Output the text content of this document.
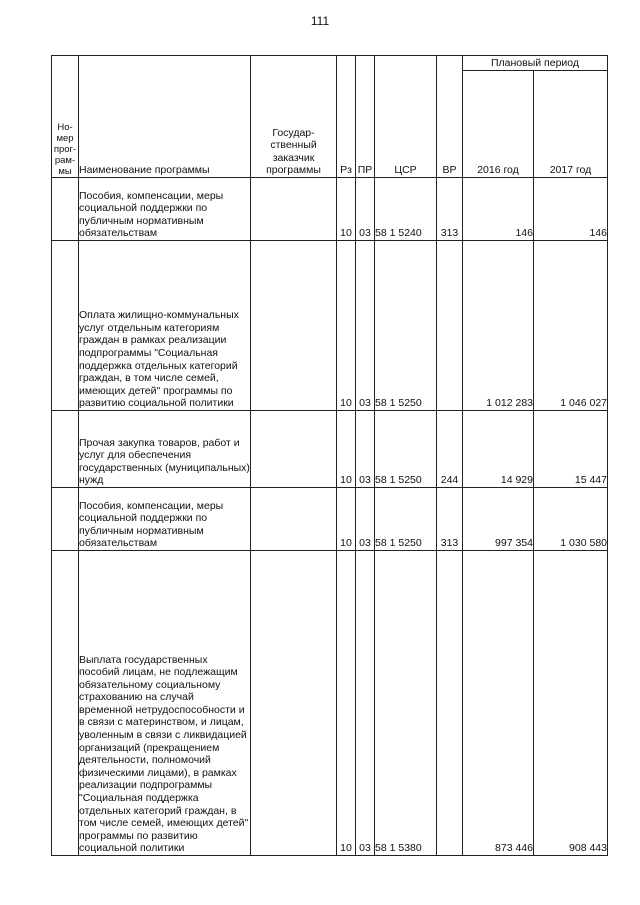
111
Но-мер прог-рам-мы	Наименование программы	Государ-ственный заказчик программы	Рз	ПР	ЦСР	ВР	Плановый период	
							2016 год	2017 год
	Пособия, компенсации, меры социальной поддержки по публичным нормативным обязательствам		10	03	58 1 5240	313	146	146
	Оплата жилищно-коммунальных услуг отдельным категориям граждан в рамках реализации подпрограммы "Социальная поддержка отдельных категорий граждан, в том числе семей, имеющих детей" программы по развитию социальной политики		10	03	58 1 5250		1 012 283	1 046 027
	Прочая закупка товаров, работ и услуг для обеспечения государственных (муниципальных) нужд		10	03	58 1 5250	244	14 929	15 447
	Пособия, компенсации, меры социальной поддержки по публичным нормативным обязательствам		10	03	58 1 5250	313	997 354	1 030 580
	Выплата государственных пособий лицам, не подлежащим обязательному социальному страхованию на случай временной нетрудоспособности и в связи с материнством, и лицам, уволенным в связи с ликвидацией организаций (прекращением деятельности, полномочий физическими лицами), в рамках реализации подпрограммы "Социальная поддержка отдельных категорий граждан, в том числе семей, имеющих детей" программы по развитию социальной политики		10	03	58 1 5380		873 446	908 443
